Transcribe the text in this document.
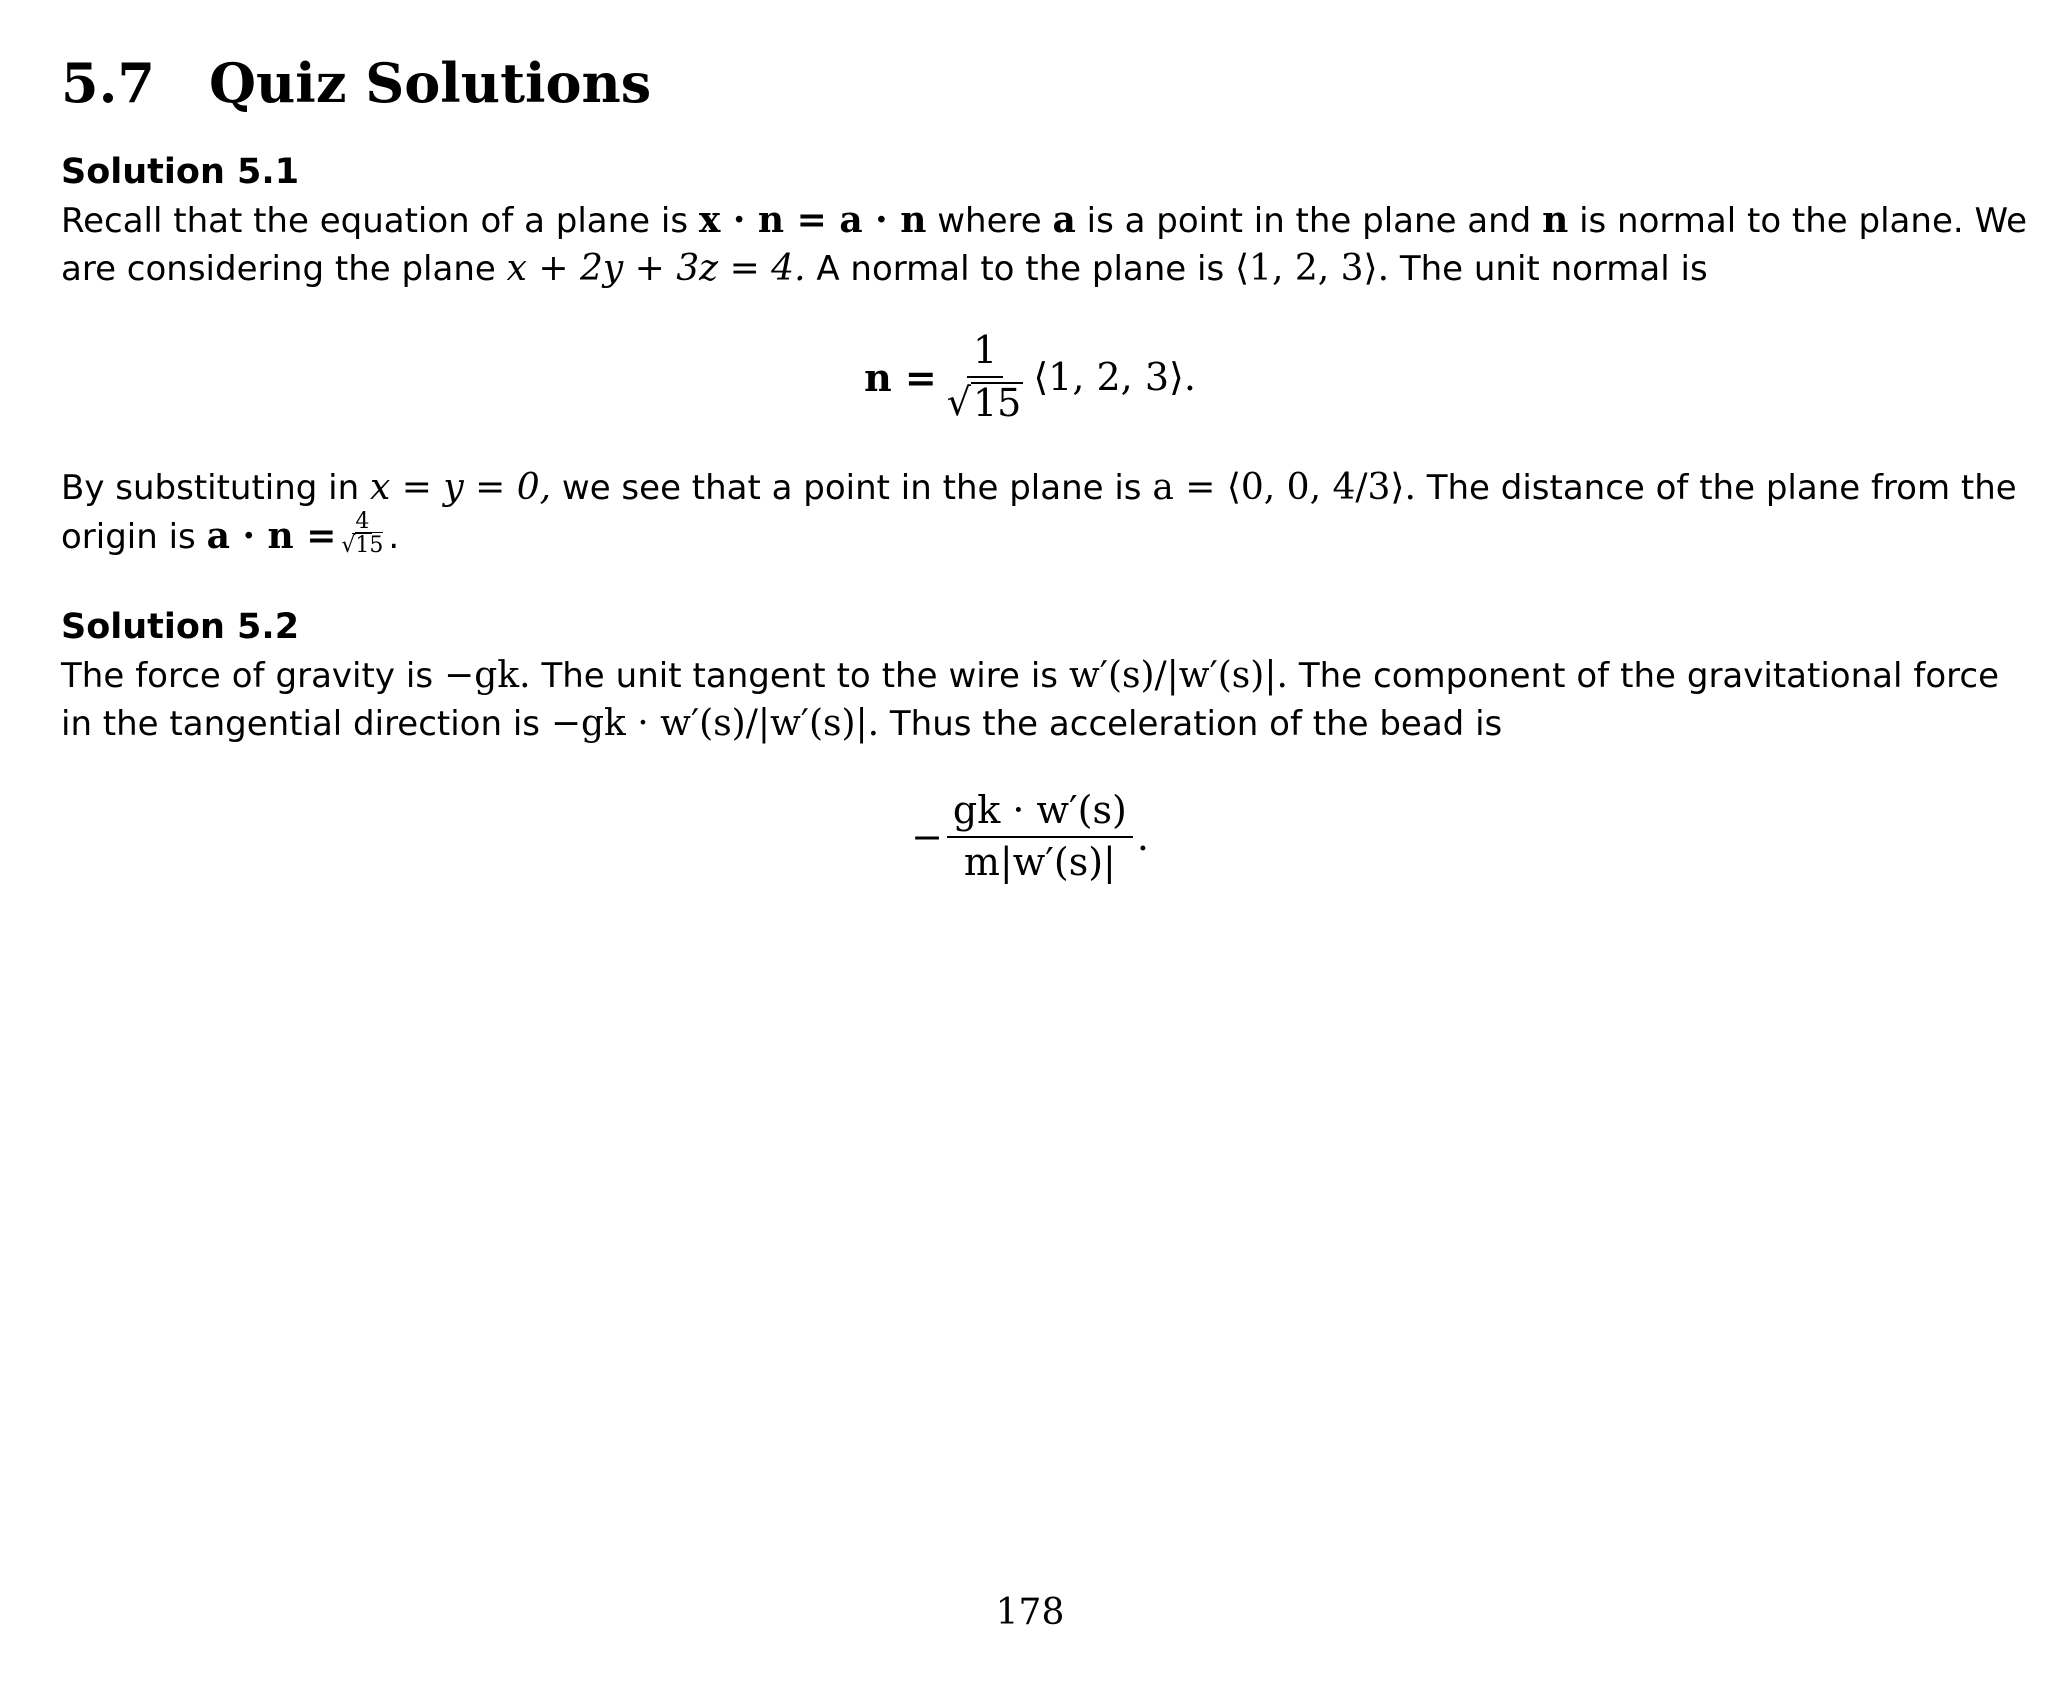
5.7 Quiz Solutions
Solution 5.1
Recall that the equation of a plane is x · n = a · n where a is a point in the plane and n is normal to the plane. We
are considering the plane x + 2y + 3z = 4. A normal to the plane is ⟨1, 2, 3⟩. The unit normal is
$n = \frac{1}{√ 15}$ ⟨1, 2, 3⟩.
By substituting in x = y = 0, we see that a point in the plane is a = ⟨0, 0, 4/3⟩. The distance of the plane from the
origin is $a \cdot n = \frac{4}{√15}$ .
Solution 5.2
The force of gravity is −gk. The unit tangent to the wire is w′(s)/|w′(s)|. The component of the gravitational force
in the tangential direction is −gk · w′(s)/|w′(s)|. Thus the acceleration of the bead is
− $\frac{gk \cdot w'(s)}{m|w'(s)|}$ .
178
